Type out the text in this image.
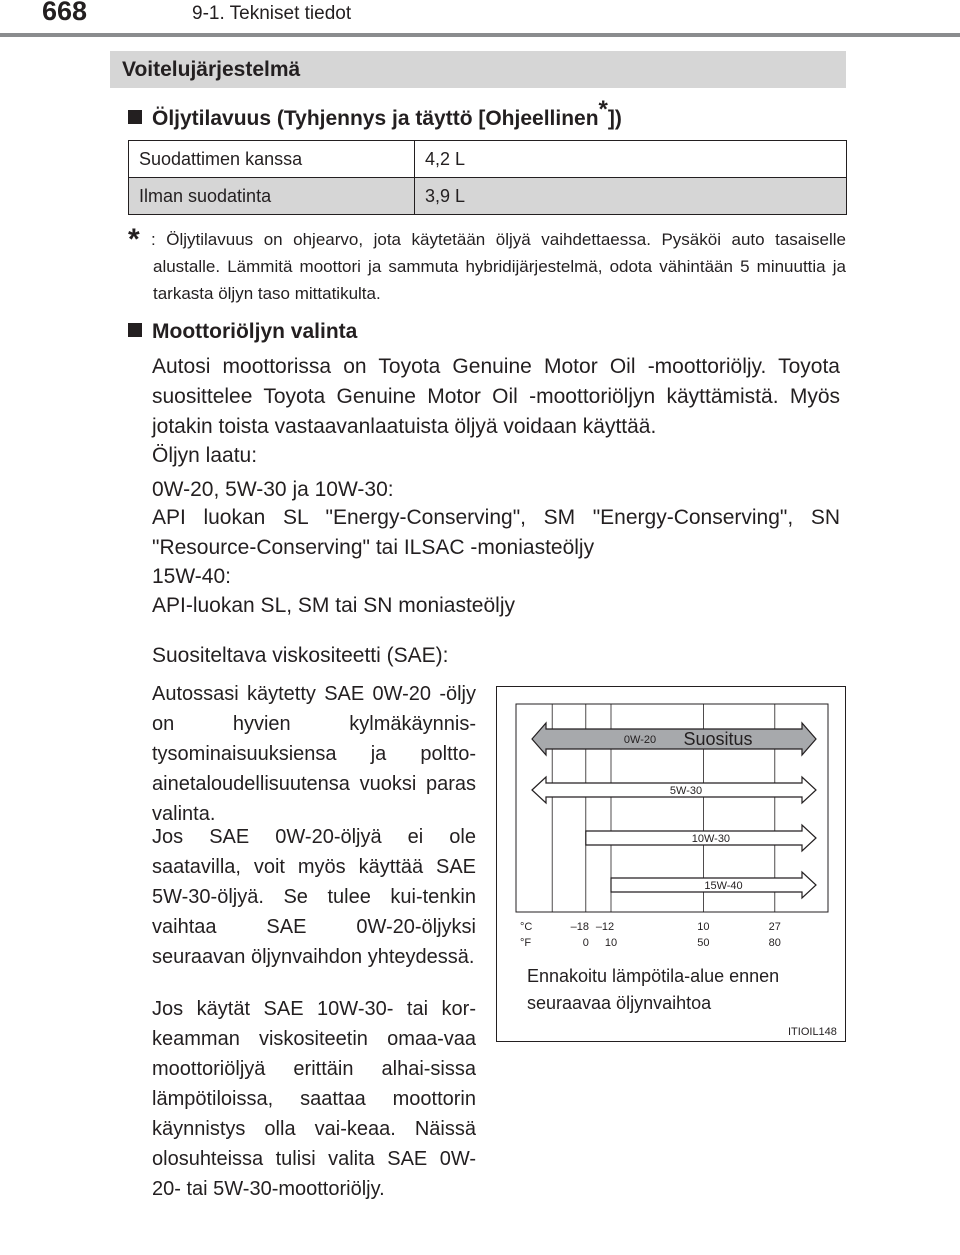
668	9-1. Tekniset tiedot
Voitelujärjestelmä
Öljytilavuus (Tyhjennys ja täyttö [Ohjeellinen*])
Suodattimen kanssa	4,2 L
Ilman suodatinta	3,9 L
* : Öljytilavuus on ohjearvo, jota käytetään öljyä vaihdettaessa. Pysäköi auto tasaiselle alustalle. Lämmitä moottori ja sammuta hybridijärjestelmä, odota vähintään 5 minuuttia ja tarkasta öljyn taso mittatikulta.
Moottoriöljyn valinta
Autosi moottorissa on Toyota Genuine Motor Oil -moottoriöljy. Toyota suosittelee Toyota Genuine Motor Oil -moottoriöljyn käyttämistä. Myös jotakin toista vastaavanlaatuista öljyä voidaan käyttää.
Öljyn laatu:
0W-20, 5W-30 ja 10W-30:
API luokan SL "Energy-Conserving", SM "Energy-Conserving", SN "Resource-Conserving" tai ILSAC -moniasteöljy
15W-40:
API-luokan SL, SM tai SN moniasteöljy
Suositeltava viskositeetti (SAE):
Autossasi käytetty SAE 0W-20 -öljy on hyvien kylmäkäynnis-tysominaisuuksiensa ja poltto-ainetaloudellisuutensa vuoksi paras valinta.
Jos SAE 0W-20-öljyä ei ole saatavilla, voit myös käyttää SAE 5W-30-öljyä. Se tulee kui-tenkin vaihtaa SAE 0W-20-öljyksi seuraavan öljynvaihdon yhteydessä.
Jos käytät SAE 10W-30- tai kor-keamman viskositeetin omaa-vaa moottoriöljyä erittäin alhai-sissa lämpötiloissa, saattaa moottorin käynnistys olla vai-keaa. Näissä olosuhteissa tulisi valita SAE 0W-20- tai 5W-30-moottoriöljy.
0W-20 Suositus
5W-30
10W-30
15W-40
°C
°F
–18 –12	10	27
0 10	50	80
Ennakoitu lämpötila-alue ennen seuraavaa öljynvaihtoa
ITIOIL148
